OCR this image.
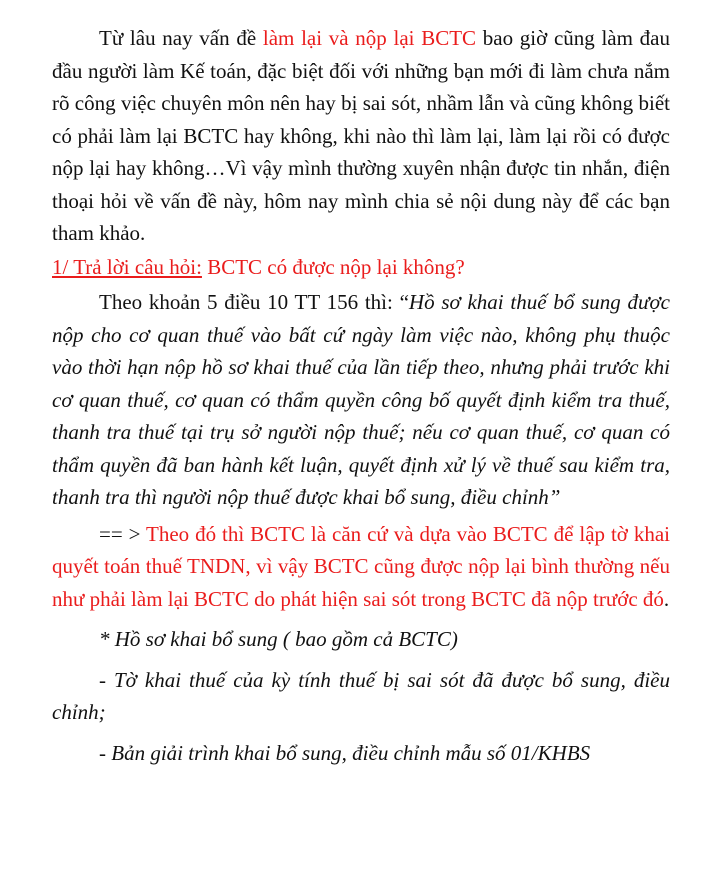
Từ lâu nay vấn đề làm lại và nộp lại BCTC bao giờ cũng làm đau đầu người làm Kế toán, đặc biệt đối với những bạn mới đi làm chưa nắm rõ công việc chuyên môn nên hay bị sai sót, nhầm lẫn và cũng không biết có phải làm lại BCTC hay không, khi nào thì làm lại, làm lại rồi có được nộp lại hay không…Vì vậy mình thường xuyên nhận được tin nhắn, điện thoại hỏi về vấn đề này, hôm nay mình chia sẻ nội dung này để các bạn tham khảo.

1/ Trả lời câu hỏi: BCTC có được nộp lại không?

Theo khoản 5 điều 10 TT 156 thì: “Hồ sơ khai thuế bổ sung được nộp cho cơ quan thuế vào bất cứ ngày làm việc nào, không phụ thuộc vào thời hạn nộp hồ sơ khai thuế của lần tiếp theo, nhưng phải trước khi cơ quan thuế, cơ quan có thẩm quyền công bố quyết định kiểm tra thuế, thanh tra thuế tại trụ sở người nộp thuế; nếu cơ quan thuế, cơ quan có thẩm quyền đã ban hành kết luận, quyết định xử lý về thuế sau kiểm tra, thanh tra thì người nộp thuế được khai bổ sung, điều chỉnh”

== > Theo đó thì BCTC là căn cứ và dựa vào BCTC để lập tờ khai quyết toán thuế TNDN, vì vậy BCTC cũng được nộp lại bình thường nếu như phải làm lại BCTC do phát hiện sai sót trong BCTC đã nộp trước đó.

* Hồ sơ khai bổ sung ( bao gồm cả BCTC)

- Tờ khai thuế của kỳ tính thuế bị sai sót đã được bổ sung, điều chỉnh;

- Bản giải trình khai bổ sung, điều chỉnh mẫu số 01/KHBS
